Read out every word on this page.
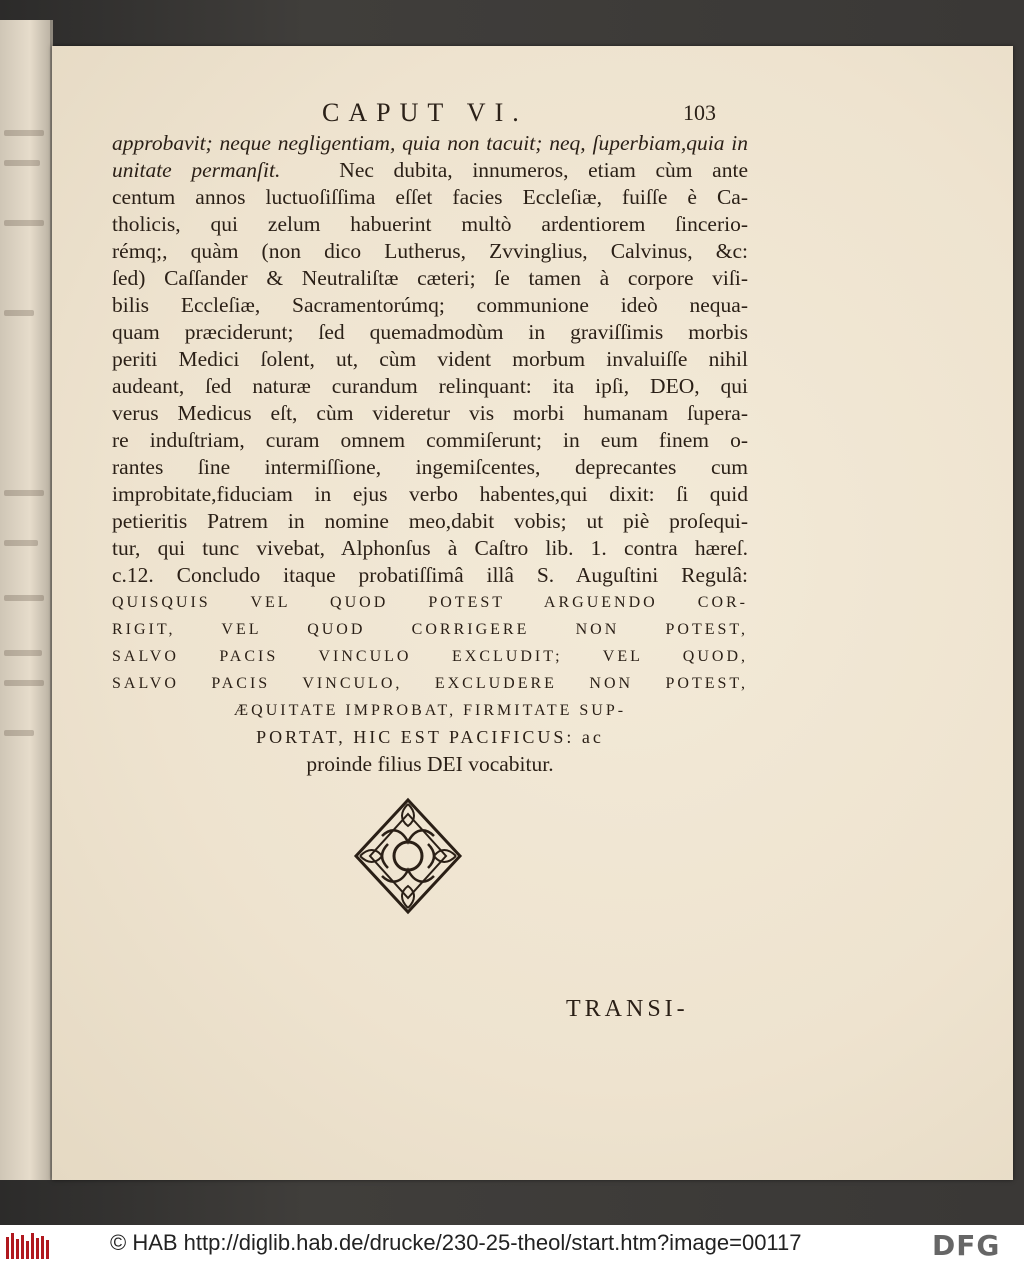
CAPUT VI.	103
approbavit; neque negligentiam, quia non tacuit; neq, ſuperbiam,quia in
unitate permanſit.	Nec dubita, innumeros, etiam cùm ante
centum annos luctuoſiſſima eſſet facies Eccleſiæ, fuiſſe è Ca-
tholicis, qui zelum habuerint multò ardentiorem ſincerio-
rémq;, quàm (non dico Lutherus, Zvvinglius, Calvinus, &c:
ſed) Caſſander & Neutraliſtæ cæteri; ſe tamen à corpore viſi-
bilis Eccleſiæ, Sacramentorúmq; communione ideò nequa-
quam præciderunt; ſed quemadmodùm in graviſſimis morbis
periti Medici ſolent, ut, cùm vident morbum invaluiſſe nihil
audeant, ſed naturæ curandum relinquant: ita ipſi, DEO, qui
verus Medicus eſt, cùm videretur vis morbi humanam ſupera-
re induſtriam, curam omnem commiſerunt; in eum finem o-
rantes ſine intermiſſione, ingemiſcentes, deprecantes cum
improbitate,fiduciam in ejus verbo habentes,qui dixit: ſi quid
petieritis Patrem in nomine meo,dabit vobis; ut piè proſequi-
tur, qui tunc vivebat, Alphonſus à Caſtro lib. 1. contra hæreſ.
c.12. Concludo itaque probatiſſimâ illâ S. Auguſtini Regulâ:
QUISQUIS VEL QUOD POTEST ARGUENDO COR-
RIGIT, VEL QUOD CORRIGERE NON POTEST,
SALVO PACIS VINCULO EXCLUDIT; VEL QUOD,
SALVO PACIS VINCULO, EXCLUDERE NON POTEST,
ÆQUITATE IMPROBAT, FIRMITATE SUP-
PORTAT, HIC EST PACIFICUS: ac
proinde filius DEI vocabitur.
TRANSI-
© HAB http://diglib.hab.de/drucke/230-25-theol/start.htm?image=00117	DFG
